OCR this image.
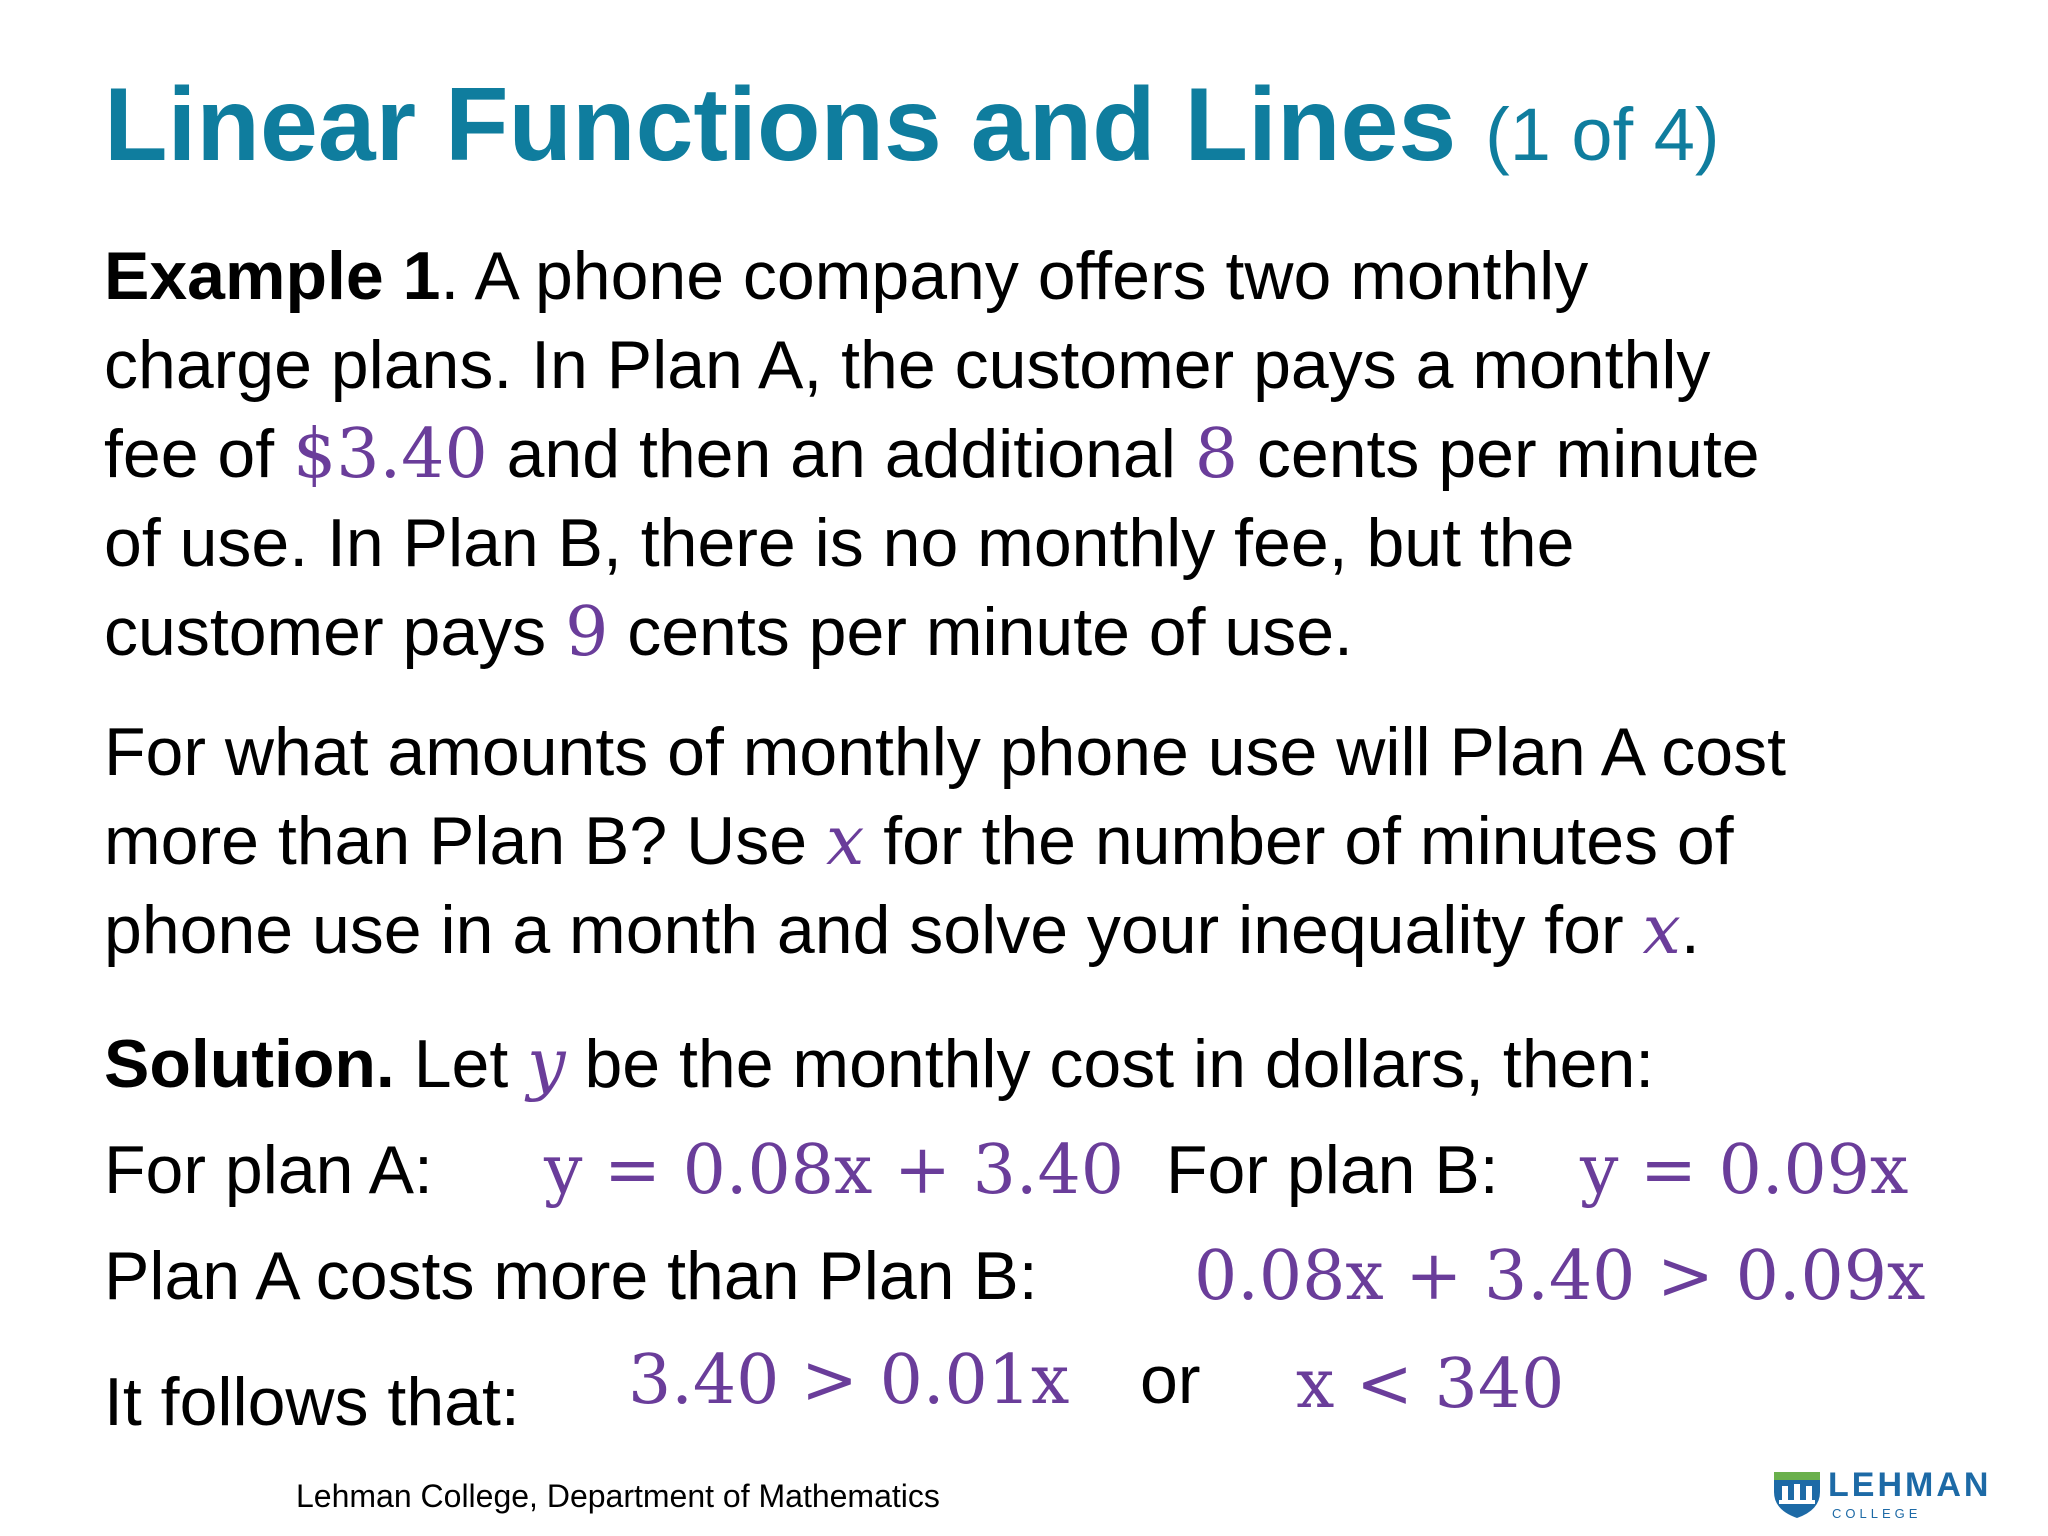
Linear Functions and Lines (1 of 4)
Example 1. A phone company offers two monthly
charge plans. In Plan A, the customer pays a monthly
fee of $3.40 and then an additional 8 cents per minute
of use. In Plan B, there is no monthly fee, but the
customer pays 9 cents per minute of use.
For what amounts of monthly phone use will Plan A cost
more than Plan B? Use x for the number of minutes of
phone use in a month and solve your inequality for x.
Solution. Let y be the monthly cost in dollars, then:
For plan A: y = 0.08x + 3.40 For plan B: y = 0.09x
Plan A costs more than Plan B: 0.08x + 3.40 > 0.09x
It follows that: 3.40 > 0.01x or x < 340
Lehman College, Department of Mathematics	LEHMAN
COLLEGE
